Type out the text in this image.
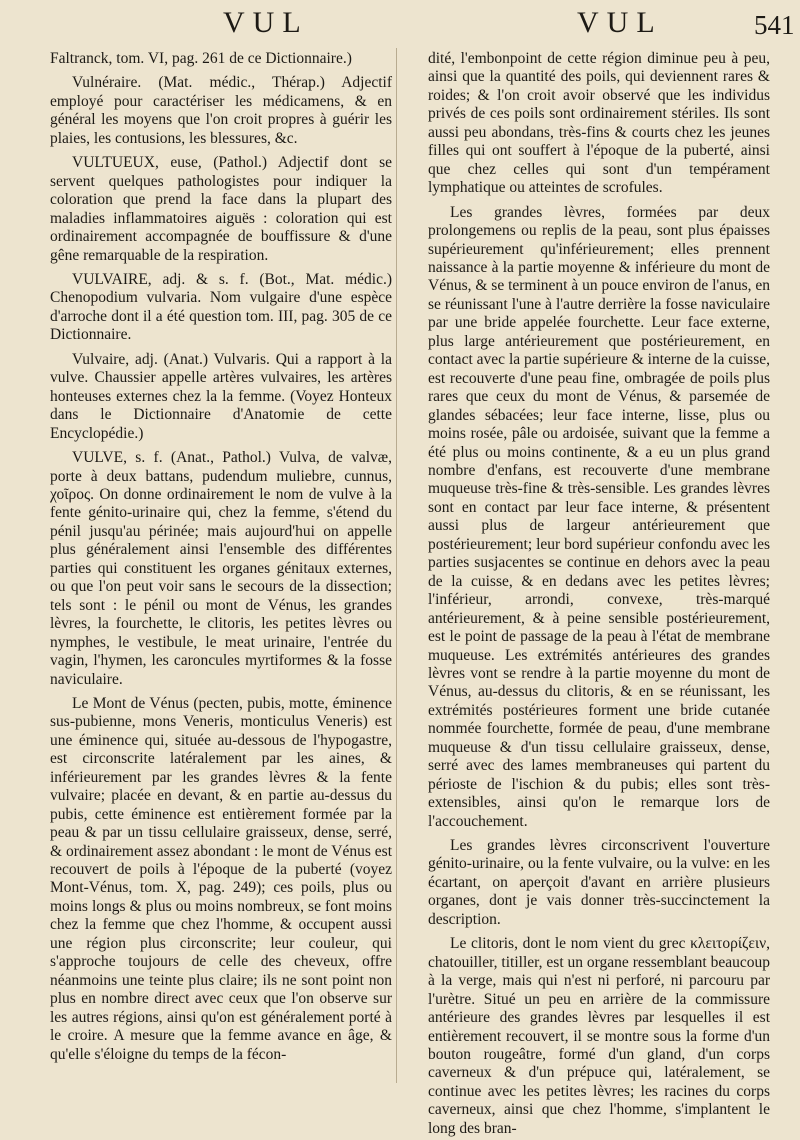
VUL	VUL	541

Faltranck, tom. VI, pag. 261 de ce Dictionnaire.)

Vulnéraire. (Mat. médic., Thérap.) Adjectif employé pour caractériser les médicamens, & en général les moyens que l'on croit propres à guérir les plaies, les contusions, les blessures, &c.

VULTUEUX, euse, (Pathol.) Adjectif dont se servent quelques pathologistes pour indiquer la coloration que prend la face dans la plupart des maladies inflammatoires aiguës : coloration qui est ordinairement accompagnée de bouffissure & d'une gêne remarquable de la respiration.

VULVAIRE, adj. & s. f. (Bot., Mat. médic.) Chenopodium vulvaria. Nom vulgaire d'une espèce d'arroche dont il a été question tom. III, pag. 305 de ce Dictionnaire.

Vulvaire, adj. (Anat.) Vulvaris. Qui a rapport à la vulve. Chaussier appelle artères vulvaires, les artères honteuses externes chez la la femme. (Voyez Honteux dans le Dictionnaire d'Anatomie de cette Encyclopédie.)

VULVE, s. f. (Anat., Pathol.) Vulva, de valvæ, porte à deux battans, pudendum muliebre, cunnus, χοῖρος. On donne ordinairement le nom de vulve à la fente génito-urinaire qui, chez la femme, s'étend du pénil jusqu'au périnée; mais aujourd'hui on appelle plus généralement ainsi l'ensemble des différentes parties qui constituent les organes génitaux externes, ou que l'on peut voir sans le secours de la dissection; tels sont : le pénil ou mont de Vénus, les grandes lèvres, la fourchette, le clitoris, les petites lèvres ou nymphes, le vestibule, le meat urinaire, l'entrée du vagin, l'hymen, les caroncules myrtiformes & la fosse naviculaire.

Le Mont de Vénus (pecten, pubis, motte, éminence sus-pubienne, mons Veneris, monticulus Veneris) est une éminence qui, située au-dessous de l'hypogastre, est circonscrite latéralement par les aines, & inférieurement par les grandes lèvres & la fente vulvaire; placée en devant, & en partie au-dessus du pubis, cette éminence est entièrement formée par la peau & par un tissu cellulaire graisseux, dense, serré, & ordinairement assez abondant : le mont de Vénus est recouvert de poils à l'époque de la puberté (voyez Mont-Vénus, tom. X, pag. 249); ces poils, plus ou moins longs & plus ou moins nombreux, se font moins chez la femme que chez l'homme, & occupent aussi une région plus circonscrite; leur couleur, qui s'approche toujours de celle des cheveux, offre néanmoins une teinte plus claire; ils ne sont point non plus en nombre direct avec ceux que l'on observe sur les autres régions, ainsi qu'on est généralement porté à le croire. A mesure que la femme avance en âge, & qu'elle s'éloigne du temps de la fécon-

dité, l'embonpoint de cette région diminue peu à peu, ainsi que la quantité des poils, qui deviennent rares & roides; & l'on croit avoir observé que les individus privés de ces poils sont ordinairement stériles. Ils sont aussi peu abondans, très-fins & courts chez les jeunes filles qui ont souffert à l'époque de la puberté, ainsi que chez celles qui sont d'un tempérament lymphatique ou atteintes de scrofules.

Les grandes lèvres, formées par deux prolongemens ou replis de la peau, sont plus épaisses supérieurement qu'inférieurement; elles prennent naissance à la partie moyenne & inférieure du mont de Vénus, & se terminent à un pouce environ de l'anus, en se réunissant l'une à l'autre derrière la fosse naviculaire par une bride appelée fourchette. Leur face externe, plus large antérieurement que postérieurement, en contact avec la partie supérieure & interne de la cuisse, est recouverte d'une peau fine, ombragée de poils plus rares que ceux du mont de Vénus, & parsemée de glandes sébacées; leur face interne, lisse, plus ou moins rosée, pâle ou ardoisée, suivant que la femme a été plus ou moins continente, & a eu un plus grand nombre d'enfans, est recouverte d'une membrane muqueuse très-fine & très-sensible. Les grandes lèvres sont en contact par leur face interne, & présentent aussi plus de largeur antérieurement que postérieurement; leur bord supérieur confondu avec les parties susjacentes se continue en dehors avec la peau de la cuisse, & en dedans avec les petites lèvres; l'inférieur, arrondi, convexe, très-marqué antérieurement, & à peine sensible postérieurement, est le point de passage de la peau à l'état de membrane muqueuse. Les extrémités antérieures des grandes lèvres vont se rendre à la partie moyenne du mont de Vénus, au-dessus du clitoris, & en se réunissant, les extrémités postérieures forment une bride cutanée nommée fourchette, formée de peau, d'une membrane muqueuse & d'un tissu cellulaire graisseux, dense, serré avec des lames membraneuses qui partent du périoste de l'ischion & du pubis; elles sont très-extensibles, ainsi qu'on le remarque lors de l'accouchement.

Les grandes lèvres circonscrivent l'ouverture génito-urinaire, ou la fente vulvaire, ou la vulve: en les écartant, on aperçoit d'avant en arrière plusieurs organes, dont je vais donner très-succinctement la description.

Le clitoris, dont le nom vient du grec κλειτορίζειν, chatouiller, titiller, est un organe ressemblant beaucoup à la verge, mais qui n'est ni perforé, ni parcouru par l'urètre. Situé un peu en arrière de la commissure antérieure des grandes lèvres par lesquelles il est entièrement recouvert, il se montre sous la forme d'un bouton rougeâtre, formé d'un gland, d'un corps caverneux & d'un prépuce qui, latéralement, se continue avec les petites lèvres; les racines du corps caverneux, ainsi que chez l'homme, s'implantent le long des bran-
